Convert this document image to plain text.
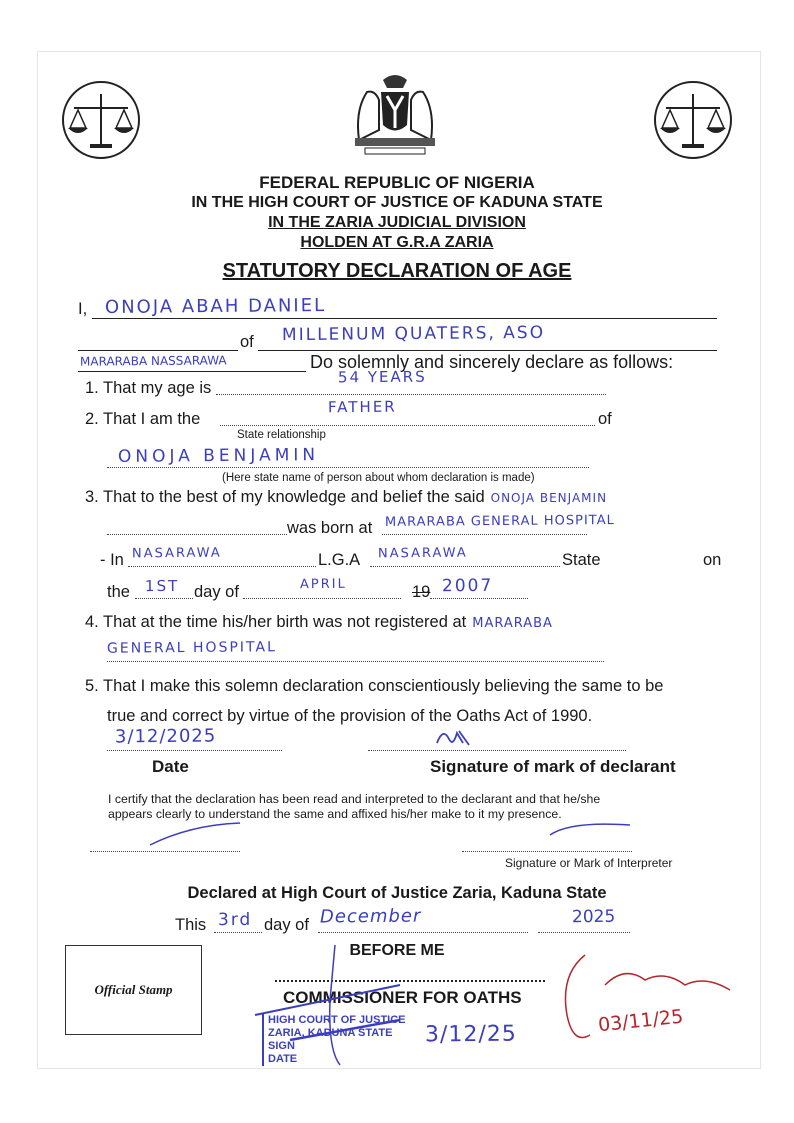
FEDERAL REPUBLIC OF NIGERIA
IN THE HIGH COURT OF JUSTICE OF KADUNA STATE
IN THE ZARIA JUDICIAL DIVISION
HOLDEN AT G.R.A ZARIA
STATUTORY DECLARATION OF AGE
I, ONOJA ABAH DANIEL
of MILLENUM QUATERS, ASO
MARARABA NASSARAWA	Do solemnly and sincerely declare as follows:
1. That my age is
54 YEARS
2. That I am the	of
FATHER
State relationship
ONOJA BENJAMIN
(Here state name of person about whom declaration is made)
3. That to the best of my knowledge and belief the said ONOJA BENJAMIN
was born at MARARABA GENERAL HOSPITAL
- In NASARAWA	L.G.A NASARAWA	State	on
the 1ST day of	APRIL	19 2007
4. That at the time his/her birth was not registered at MARARABA
GENERAL HOSPITAL
5. That I make this solemn declaration conscientiously believing the same to be
true and correct by virtue of the provision of the Oaths Act of 1990.
3/12/2025
Date	Signature of mark of declarant
I certify that the declaration has been read and interpreted to the declarant and that he/she
appears clearly to understand the same and affixed his/her make to it my presence.
Signature or Mark of Interpreter
Declared at High Court of Justice Zaria, Kaduna State
This 3rd day of December	2025
BEFORE ME
COMMISSIONER FOR OATHS
Official Stamp
HIGH COURT OF JUSTICE
ZARIA, KADUNA STATE
SIGN
DATE
3/12/25	03/11/25
